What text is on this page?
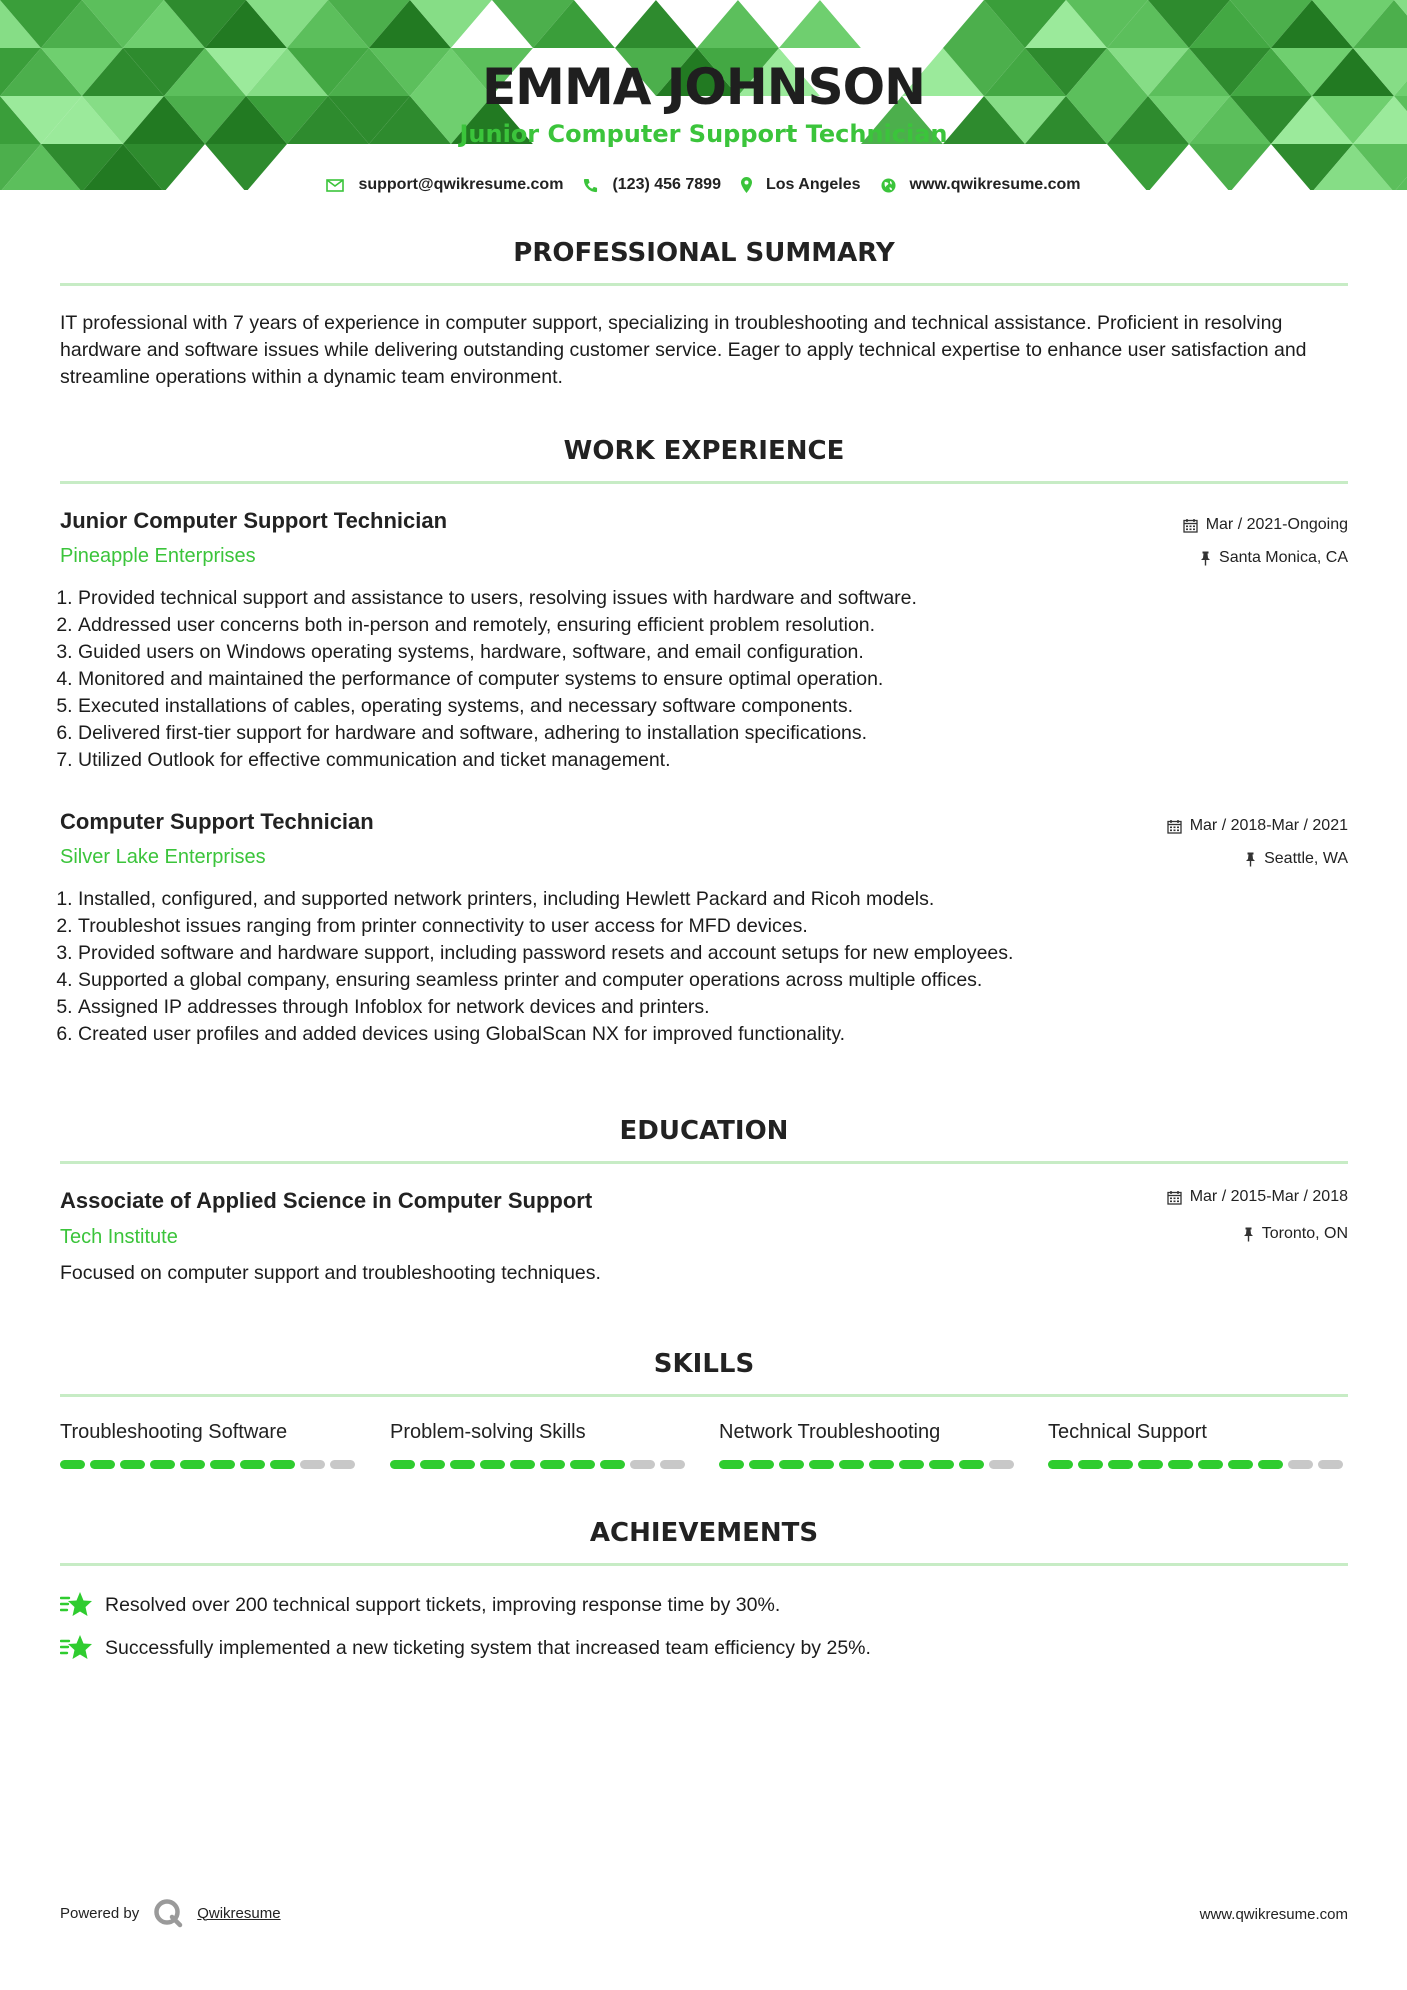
EMMA JOHNSON
Junior Computer Support Technician
support@qwikresume.com	(123) 456 7899	Los Angeles	www.qwikresume.com
PROFESSIONAL SUMMARY
IT professional with 7 years of experience in computer support, specializing in troubleshooting and technical assistance. Proficient in resolving hardware and software issues while delivering outstanding customer service. Eager to apply technical expertise to enhance user satisfaction and streamline operations within a dynamic team environment.
WORK EXPERIENCE
Junior Computer Support Technician	Mar / 2021-Ongoing
Pineapple Enterprises	Santa Monica, CA
1. Provided technical support and assistance to users, resolving issues with hardware and software.
2. Addressed user concerns both in-person and remotely, ensuring efficient problem resolution.
3. Guided users on Windows operating systems, hardware, software, and email configuration.
4. Monitored and maintained the performance of computer systems to ensure optimal operation.
5. Executed installations of cables, operating systems, and necessary software components.
6. Delivered first-tier support for hardware and software, adhering to installation specifications.
7. Utilized Outlook for effective communication and ticket management.
Computer Support Technician	Mar / 2018-Mar / 2021
Silver Lake Enterprises	Seattle, WA
1. Installed, configured, and supported network printers, including Hewlett Packard and Ricoh models.
2. Troubleshot issues ranging from printer connectivity to user access for MFD devices.
3. Provided software and hardware support, including password resets and account setups for new employees.
4. Supported a global company, ensuring seamless printer and computer operations across multiple offices.
5. Assigned IP addresses through Infoblox for network devices and printers.
6. Created user profiles and added devices using GlobalScan NX for improved functionality.
EDUCATION
Associate of Applied Science in Computer Support	Mar / 2015-Mar / 2018
Tech Institute	Toronto, ON
Focused on computer support and troubleshooting techniques.
SKILLS
Troubleshooting Software	Problem-solving Skills	Network Troubleshooting	Technical Support
ACHIEVEMENTS
Resolved over 200 technical support tickets, improving response time by 30%.
Successfully implemented a new ticketing system that increased team efficiency by 25%.
Powered by	Qwikresume	www.qwikresume.com
